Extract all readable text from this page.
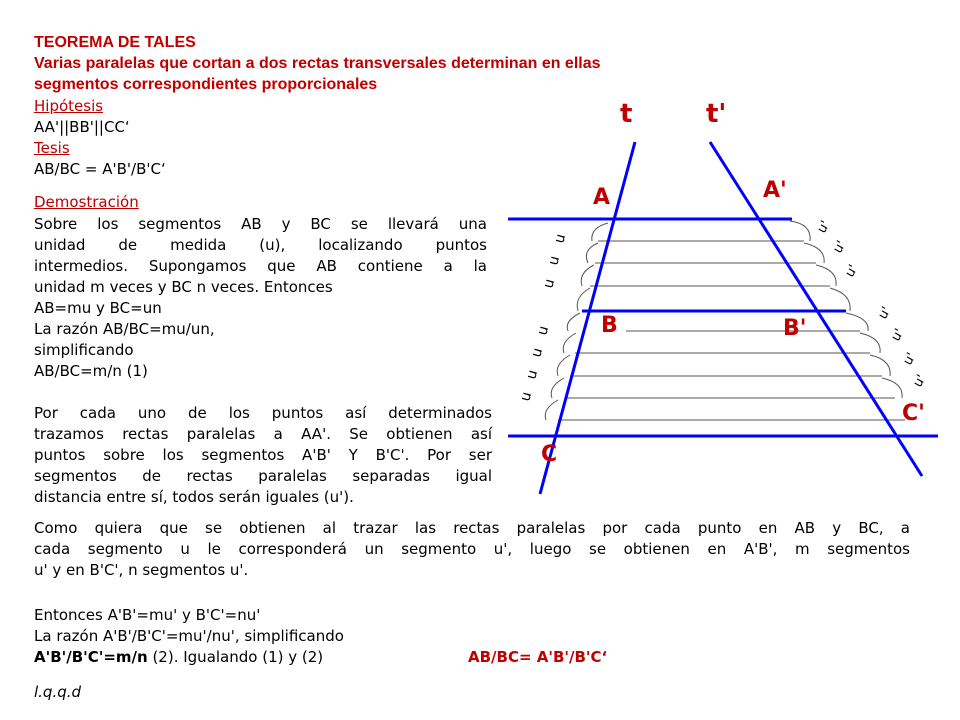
TEOREMA DE TALES
Varias paralelas que cortan a dos rectas transversales determinan en ellas
segmentos correspondientes proporcionales
Hipótesis
AA'||BB'||CC‘
Tesis
AB/BC = A'B'/B'C‘
Demostración
Sobre los segmentos AB y BC se llevará una
unidad de medida (u), localizando puntos
intermedios. Supongamos que AB contiene a la
unidad m veces y BC n veces. Entonces
AB=mu y BC=un
La razón AB/BC=mu/un,
simplificando
AB/BC=m/n (1)
Por cada uno de los puntos así determinados
trazamos rectas paralelas a AA'. Se obtienen así
puntos sobre los segmentos A'B' Y B'C'. Por ser
segmentos de rectas paralelas separadas igual
distancia entre sí, todos serán iguales (u').
Como quiera que se obtienen al trazar las rectas paralelas por cada punto en AB y BC, a
cada segmento u le corresponderá un segmento u', luego se obtienen en A'B', m segmentos
u' y en B'C', n segmentos u'.
Entonces A'B'=mu' y B'C'=nu'
La razón A'B'/B'C'=mu'/nu', simplificando
A'B'/B'C'=m/n (2). Igualando (1) y (2)	AB/BC= A'B'/B'C‘
l.q.q.d
u
u
u
u
u
u
u
u'
u'
u'
u'
u'
u'
u'
t	t'
A	A'
B	B'
C
C'
